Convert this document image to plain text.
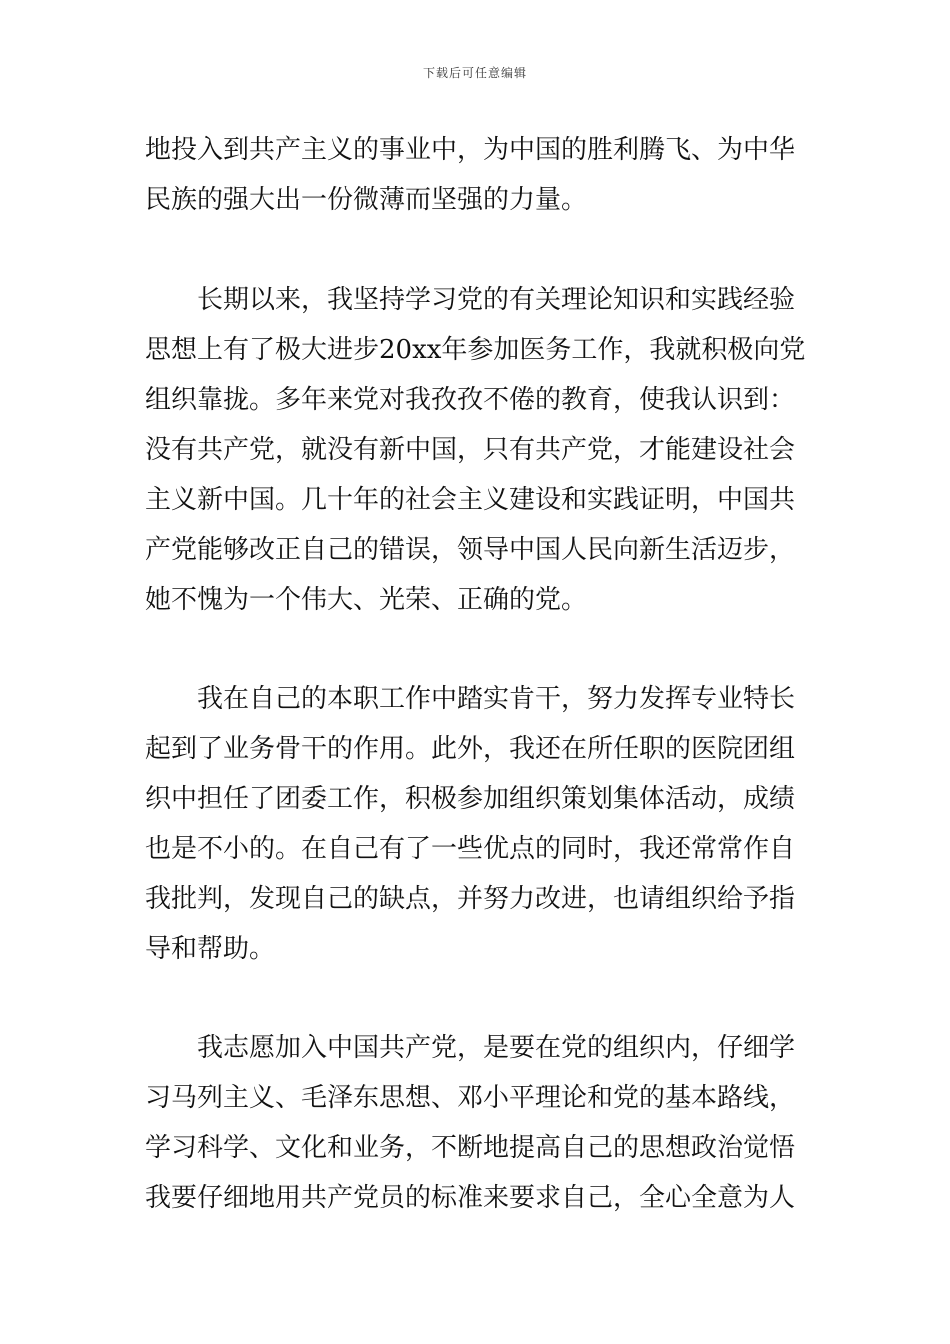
下载后可任意编辑
地投入到共产主义的事业中，为中国的胜利腾飞、为中华
民族的强大出一份微薄而坚强的力量。
长期以来，我坚持学习党的有关理论知识和实践经验
思想上有了极大进步20xx年参加医务工作，我就积极向党
组织靠拢。多年来党对我孜孜不倦的教育，使我认识到：
没有共产党，就没有新中国，只有共产党，才能建设社会
主义新中国。几十年的社会主义建设和实践证明，中国共
产党能够改正自己的错误，领导中国人民向新生活迈步，
她不愧为一个伟大、光荣、正确的党。
我在自己的本职工作中踏实肯干，努力发挥专业特长
起到了业务骨干的作用。此外，我还在所任职的医院团组
织中担任了团委工作，积极参加组织策划集体活动，成绩
也是不小的。在自己有了一些优点的同时，我还常常作自
我批判，发现自己的缺点，并努力改进，也请组织给予指
导和帮助。
我志愿加入中国共产党，是要在党的组织内，仔细学
习马列主义、毛泽东思想、邓小平理论和党的基本路线，
学习科学、文化和业务，不断地提高自己的思想政治觉悟
我要仔细地用共产党员的标准来要求自己，全心全意为人
